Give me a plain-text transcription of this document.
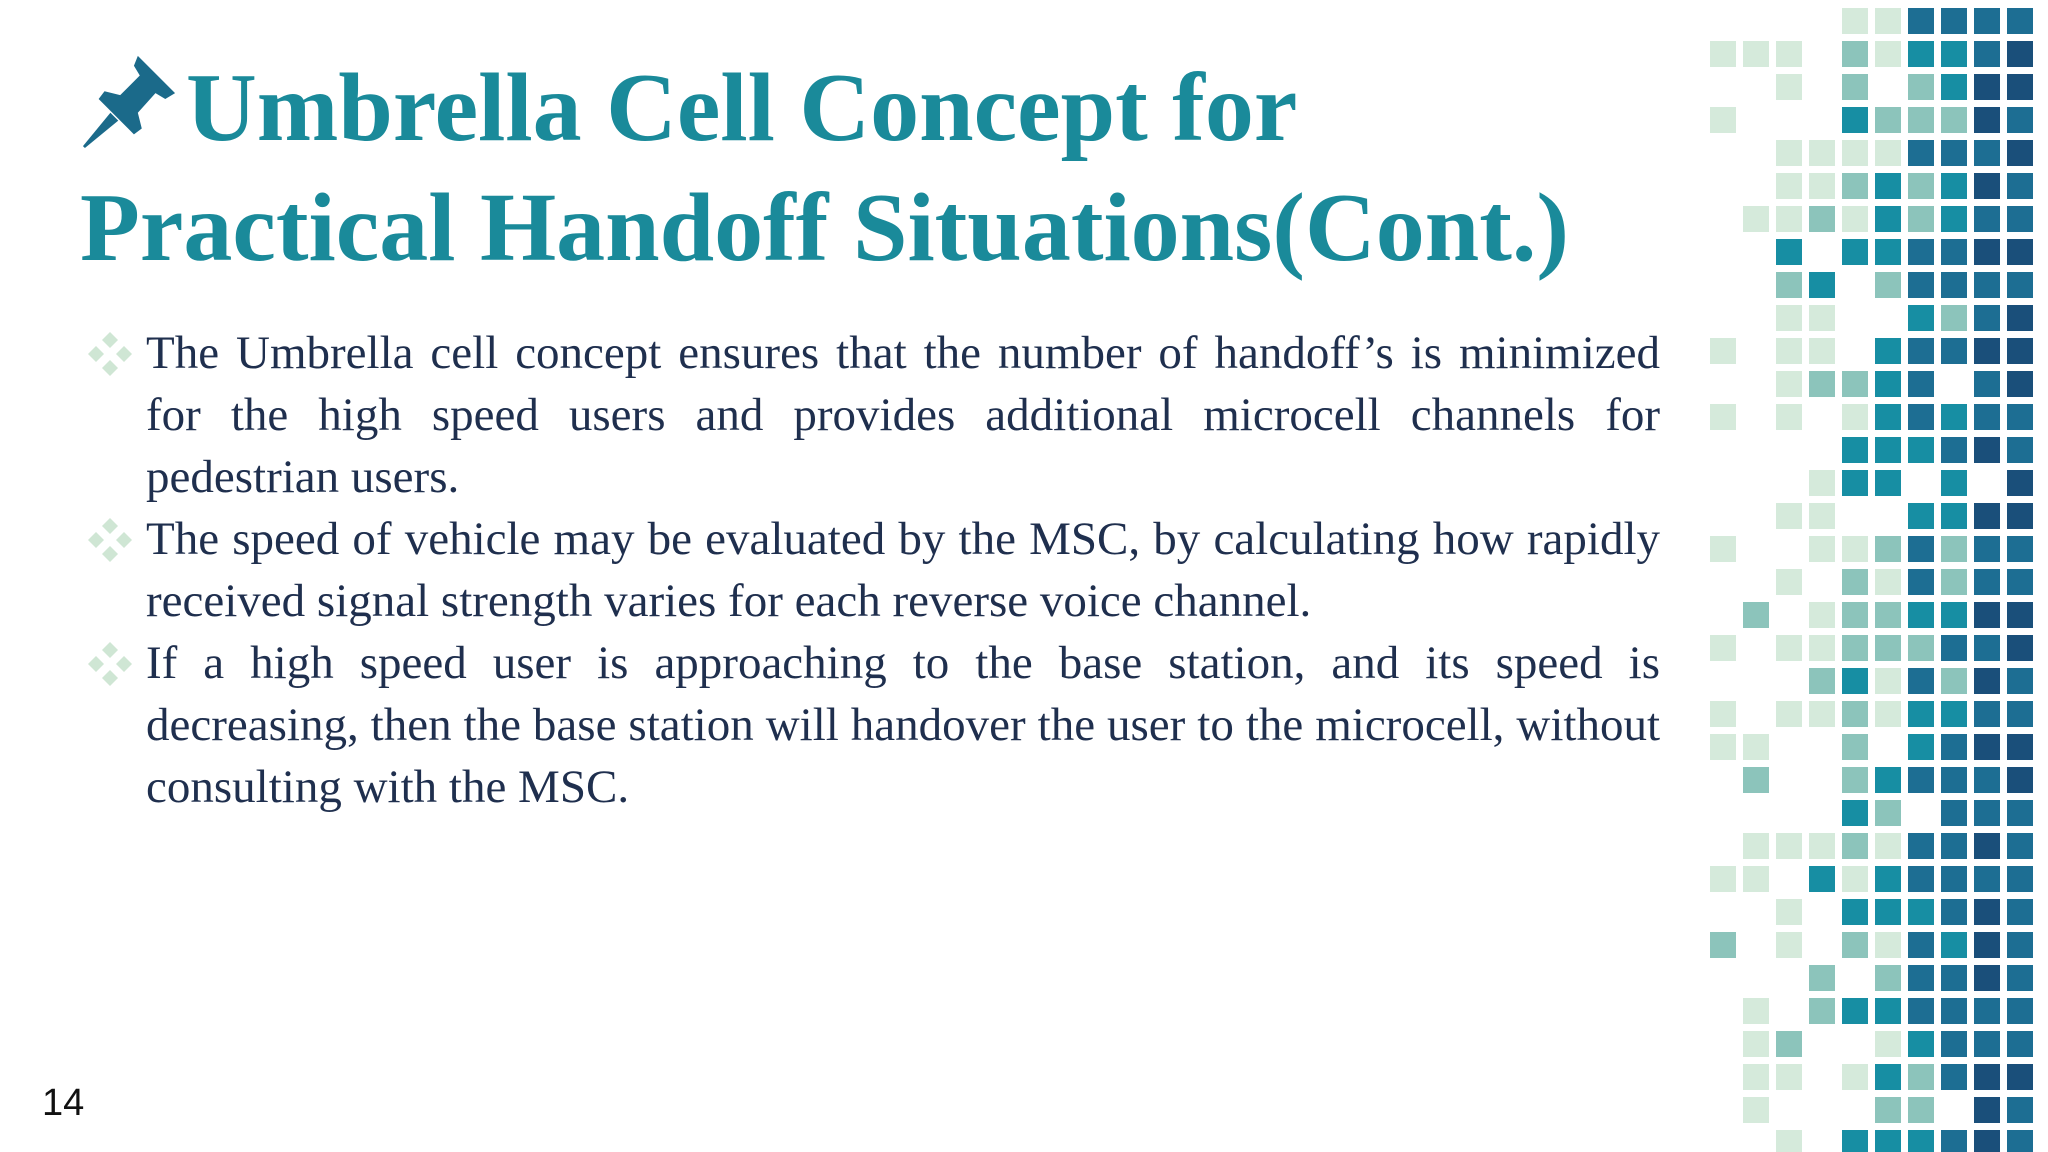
Umbrella Cell Concept for Practical Handoff Situations(Cont.)
The Umbrella cell concept ensures that the number of handoff’s is minimized for the high speed users and provides additional microcell channels for pedestrian users.
The speed of vehicle may be evaluated by the MSC, by calculating how rapidly received signal strength varies for each reverse voice channel.
If a high speed user is approaching to the base station, and its speed is decreasing, then the base station will handover the user to the microcell, without consulting with the MSC.
14
